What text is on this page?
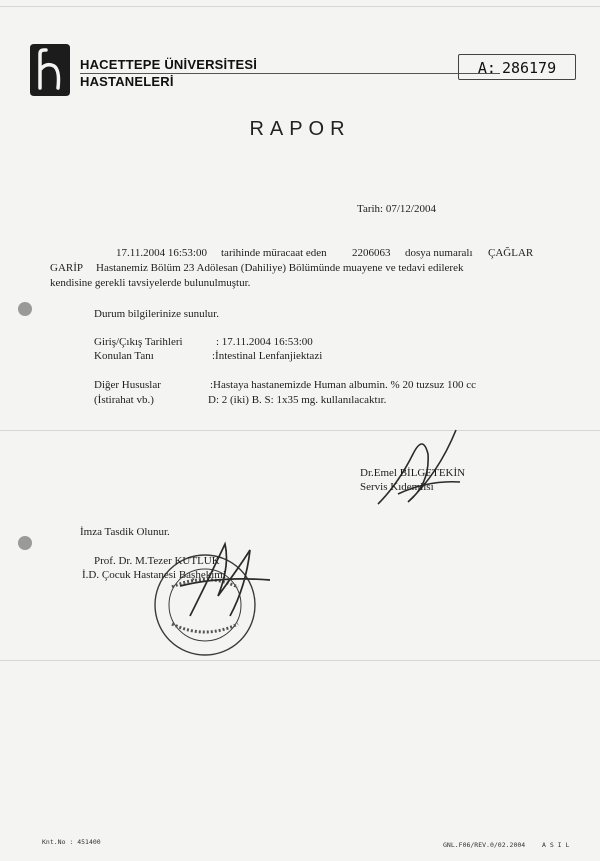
HACETTEPE ÜNİVERSİTESİ
HASTANELERİ
A: 286179
RAPOR
Tarih: 07/12/2004
17.11.2004 16:53:00 tarihinde müracaat eden 2206063 dosya numaralı ÇAĞLAR
GARİP Hastanemiz Bölüm 23 Adölesan (Dahiliye) Bölümünde muayene ve tedavi edilerek
kendisine gerekli tavsiyelerde bulunulmuştur.
Durum bilgilerinize sunulur.
Giriş/Çıkış Tarihleri	: 17.11.2004 16:53:00
Konulan Tanı	:İntestinal Lenfanjiektazi
Diğer Hususlar	:Hastaya hastanemizde Human albumin. % 20 tuzsuz 100 cc
(İstirahat vb.)	D: 2 (iki) B. S: 1x35 mg. kullanılacaktır.
Dr.Emel BİLGETEKİN
Servis Kıdemlisi
İmza Tasdik Olunur.
Prof. Dr. M.Tezer KUTLUK
İ.D. Çocuk Hastanesi Başhekimi
Knt.No : 451400	GNL.F06/REV.0/02.2004	A S I L
